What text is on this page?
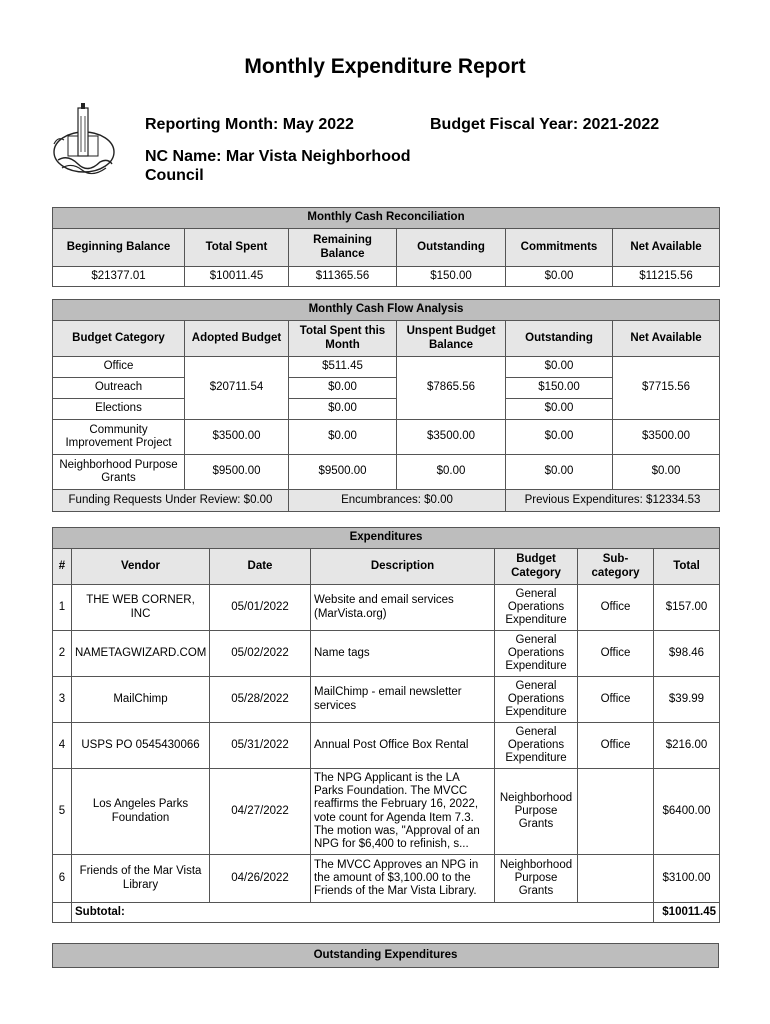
Monthly Expenditure Report
Reporting Month: May 2022	Budget Fiscal Year: 2021-2022
NC Name: Mar Vista Neighborhood
Council
Monthly Cash Reconciliation					
Beginning Balance	Total Spent	Remaining Balance	Outstanding	Commitments	Net Available
$21377.01	$10011.45	$11365.56	$150.00	$0.00	$11215.56
Monthly Cash Flow Analysis					
Budget Category	Adopted Budget	Total Spent this Month	Unspent Budget Balance	Outstanding	Net Available
Office	$20711.54	$511.45	$7865.56	$0.00	$7715.56
Outreach		$0.00		$150.00	
Elections		$0.00		$0.00	
Community Improvement Project	$3500.00	$0.00	$3500.00	$0.00	$3500.00
Neighborhood Purpose Grants	$9500.00	$9500.00	$0.00	$0.00	$0.00
Funding Requests Under Review: $0.00		Encumbrances: $0.00		Previous Expenditures: $12334.53	
Expenditures						
#	Vendor	Date	Description	Budget Category	Sub-category	Total
1	THE WEB CORNER, INC	05/01/2022	Website and email services (MarVista.org)	General Operations Expenditure	Office	$157.00
2	NAMETAGWIZARD.COM	05/02/2022	Name tags	General Operations Expenditure	Office	$98.46
3	MailChimp	05/28/2022	MailChimp - email newsletter services	General Operations Expenditure	Office	$39.99
4	USPS PO 0545430066	05/31/2022	Annual Post Office Box Rental	General Operations Expenditure	Office	$216.00
5	Los Angeles Parks Foundation	04/27/2022	The NPG Applicant is the LA Parks Foundation. The MVCC reaffirms the February 16, 2022, vote count for Agenda Item 7.3. The motion was, "Approval of an NPG for $6,400 to refinish, s...	Neighborhood Purpose Grants		$6400.00
6	Friends of the Mar Vista Library	04/26/2022	The MVCC Approves an NPG in the amount of $3,100.00 to the Friends of the Mar Vista Library.	Neighborhood Purpose Grants		$3100.00
	Subtotal:					$10011.45
Outstanding Expenditures
